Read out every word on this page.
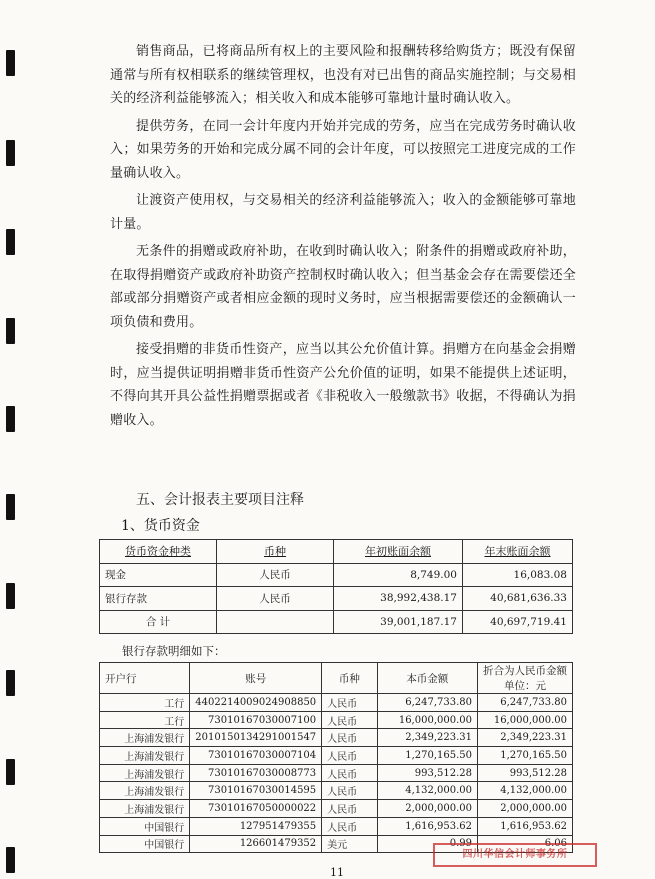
销售商品，已将商品所有权上的主要风险和报酬转移给购货方；既没有保留通常与所有权相联系的继续管理权，也没有对已出售的商品实施控制；与交易相关的经济利益能够流入；相关收入和成本能够可靠地计量时确认收入。

提供劳务，在同一会计年度内开始并完成的劳务，应当在完成劳务时确认收入；如果劳务的开始和完成分属不同的会计年度，可以按照完工进度完成的工作量确认收入。

让渡资产使用权，与交易相关的经济利益能够流入；收入的金额能够可靠地计量。

无条件的捐赠或政府补助，在收到时确认收入；附条件的捐赠或政府补助，在取得捐赠资产或政府补助资产控制权时确认收入；但当基金会存在需要偿还全部或部分捐赠资产或者相应金额的现时义务时，应当根据需要偿还的金额确认一项负债和费用。

接受捐赠的非货币性资产，应当以其公允价值计算。捐赠方在向基金会捐赠时，应当提供证明捐赠非货币性资产公允价值的证明，如果不能提供上述证明，不得向其开具公益性捐赠票据或者《非税收入一般缴款书》收据，不得确认为捐赠收入。

五、会计报表主要项目注释
1、货币资金
货币资金种类	币种	年初账面余额	年末账面余额
现金	人民币	8,749.00	16,083.08
银行存款	人民币	38,992,438.17	40,681,636.33
合 计		39,001,187.17	40,697,719.41
银行存款明细如下：
开户行	账号	币种	本币金额	折合为人民币金额
单位：元

工行	4402214009024908850	人民币	6,247,733.80	6,247,733.80
工行	7301016703000710​0	人民币	16,000,000.00	16,000,000.00
上海浦发银行	2010150134291001547	人民币	2,349,223.31	2,349,223.31
上海浦发银行	73010167030007104	人民币	1,270,165.50	1,270,165.50
上海浦发银行	73010167030008773	人民币	993,512.28	993,512.28
上海浦发银行	73010167030014595	人民币	4,132,000.00	4,132,000.00
上海浦发银行	73010167050000022	人民币	2,000,000.00	2,000,000.00
中国银行	127951479355	人民币	1,616,953.62	1,616,953.62
中国银行	126601479352	美元	0.99	6.06
11
四川华信会计师事务所
